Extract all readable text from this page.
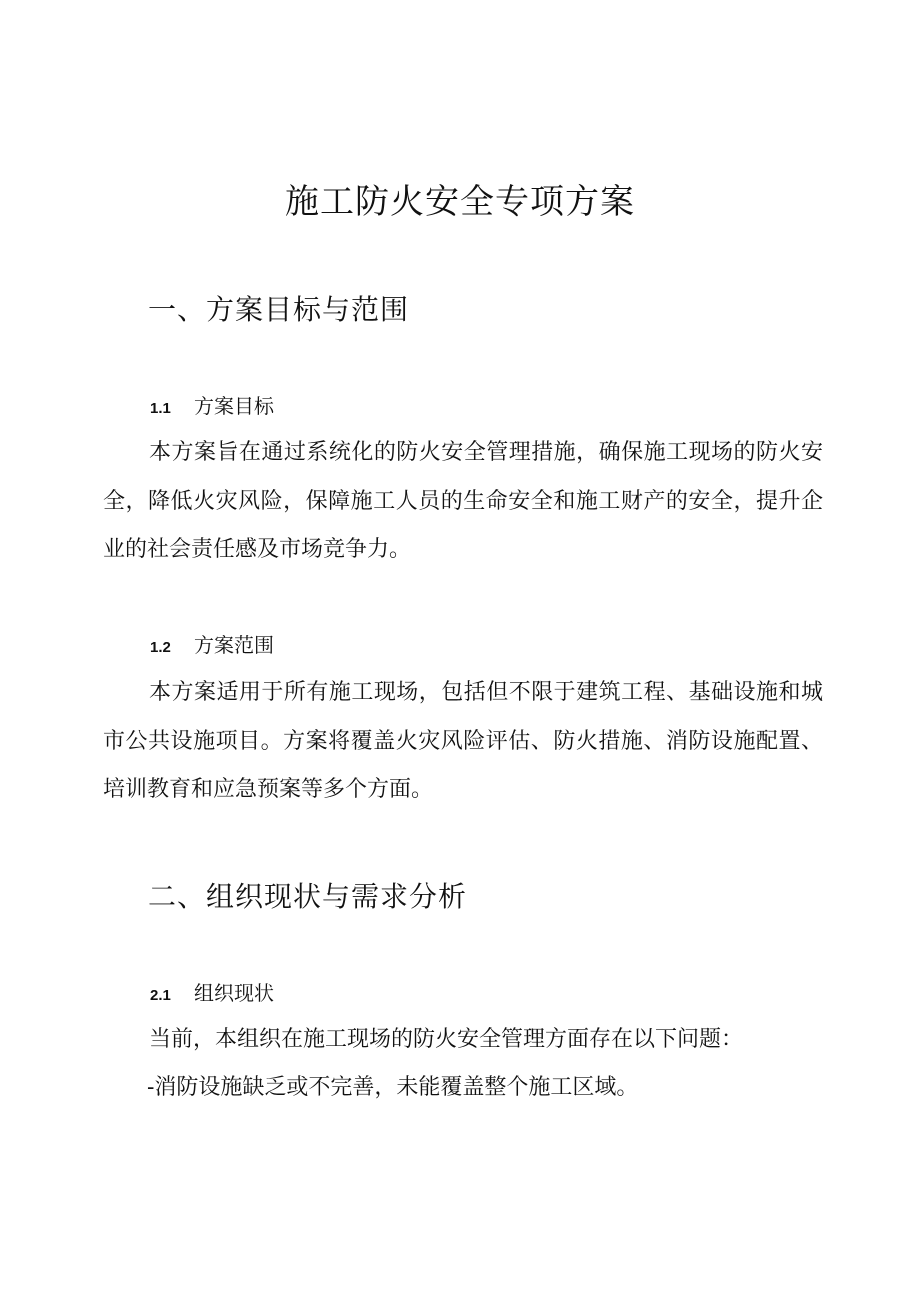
施工防火安全专项方案
一、方案目标与范围
1.1 方案目标

本方案旨在通过系统化的防火安全管理措施，确保施工现场的防火安全，降低火灾风险，保障施工人员的生命安全和施工财产的安全，提升企业的社会责任感及市场竞争力。

1.2 方案范围

本方案适用于所有施工现场，包括但不限于建筑工程、基础设施和城市公共设施项目。方案将覆盖火灾风险评估、防火措施、消防设施配置、培训教育和应急预案等多个方面。

二、组织现状与需求分析
2.1 组织现状

当前，本组织在施工现场的防火安全管理方面存在以下问题：

-消防设施缺乏或不完善，未能覆盖整个施工区域。
